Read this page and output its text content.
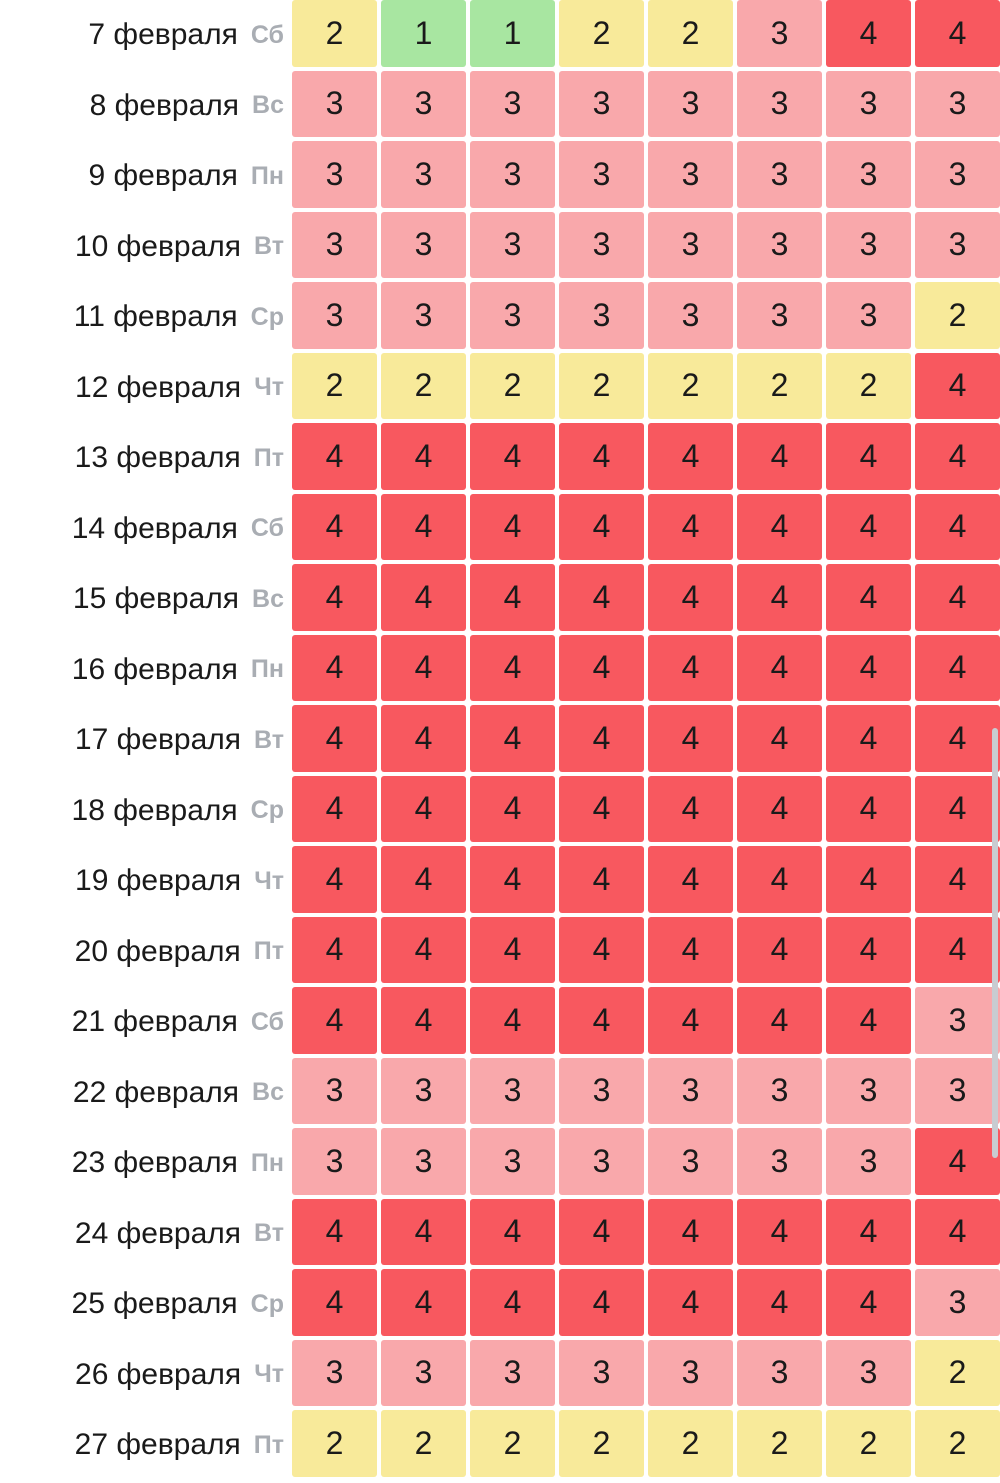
7 февраля Сб	2	1	1	2	2	3	4	4
8 февраля Вс	3	3	3	3	3	3	3	3
9 февраля Пн	3	3	3	3	3	3	3	3
10 февраля Вт	3	3	3	3	3	3	3	3
11 февраля Ср	3	3	3	3	3	3	3	2
12 февраля Чт	2	2	2	2	2	2	2	4
13 февраля Пт	4	4	4	4	4	4	4	4
14 февраля Сб	4	4	4	4	4	4	4	4
15 февраля Вс	4	4	4	4	4	4	4	4
16 февраля Пн	4	4	4	4	4	4	4	4
17 февраля Вт	4	4	4	4	4	4	4	4
18 февраля Ср	4	4	4	4	4	4	4	4
19 февраля Чт	4	4	4	4	4	4	4	4
20 февраля Пт	4	4	4	4	4	4	4	4
21 февраля Сб	4	4	4	4	4	4	4	3
22 февраля Вс	3	3	3	3	3	3	3	3
23 февраля Пн	3	3	3	3	3	3	3	4
24 февраля Вт	4	4	4	4	4	4	4	4
25 февраля Ср	4	4	4	4	4	4	4	3
26 февраля Чт	3	3	3	3	3	3	3	2
27 февраля Пт	2	2	2	2	2	2	2	2
